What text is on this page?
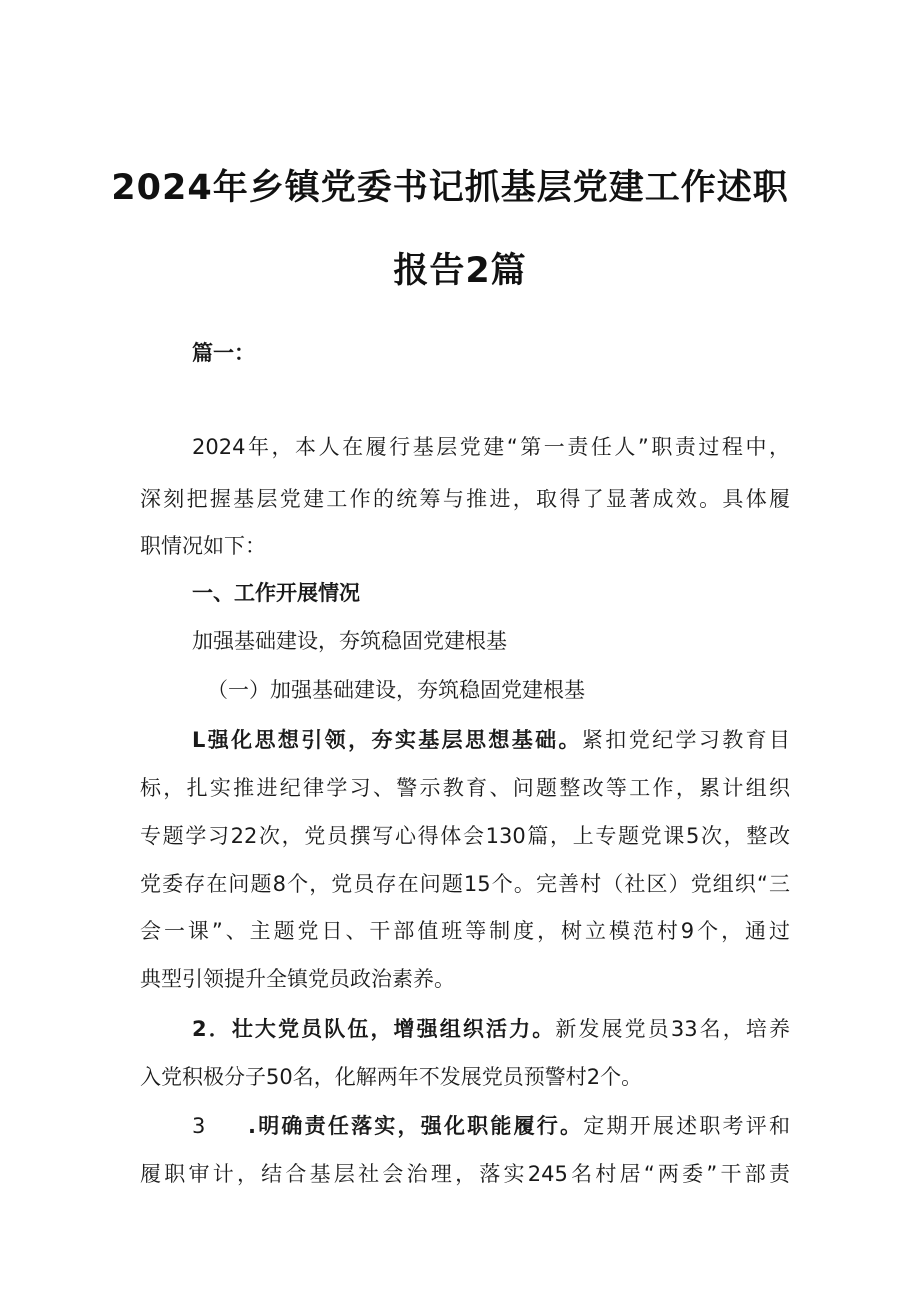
2024年乡镇党委书记抓基层党建工作述职
报告2篇

篇一：

2024年，本人在履行基层党建“第一责任人”职责过程中，

深刻把握基层党建工作的统筹与推进，取得了显著成效。具体履

职情况如下：

一、工作开展情况

加强基础建设，夯筑稳固党建根基

（一）加强基础建设，夯筑稳固党建根基

L强化思想引领，夯实基层思想基础。紧扣党纪学习教育目

标，扎实推进纪律学习、警示教育、问题整改等工作，累计组织

专题学习22次，党员撰写心得体会130篇，上专题党课5次，整改

党委存在问题8个，党员存在问题15个。完善村（社区）党组织“三

会一课”、主题党日、干部值班等制度，树立模范村9个，通过

典型引领提升全镇党员政治素养。

2．壮大党员队伍，增强组织活力。新发展党员33名，培养

入党积极分子50名，化解两年不发展党员预警村2个。

3 .明确责任落实，强化职能履行。定期开展述职考评和

履职审计，结合基层社会治理，落实245名村居“两委”干部责
